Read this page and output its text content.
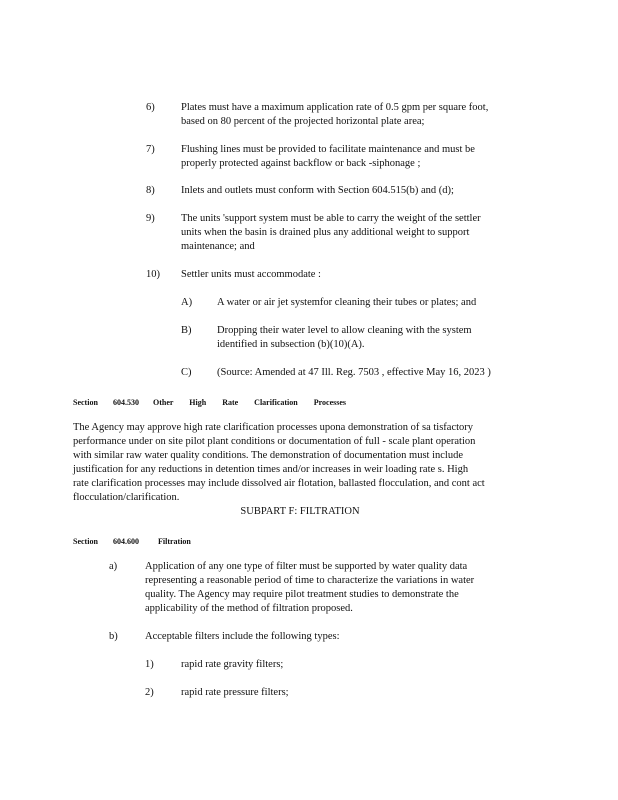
6)	Plates must have a maximum application rate of 0.5 gpm per square foot,
based on 80 percent of the projected horizontal plate area;
7)	Flushing lines must be provided to facilitate maintenance and must be
properly protected against backflow or back -siphonage ;
8)	Inlets and outlets must conform with Section 604.515(b) and (d);
9)	The units 'support system must be able to carry the weight of the settler
units when the basin is drained plus any additional weight to support
maintenance; and
10) Settler units must accommodate :
A) A water or air jet systemfor cleaning their tubes or plates; and
B) Dropping their water level to allow cleaning with the system
identified in subsection (b)(10)(A).
C) (Source: Amended at 47 Ill. Reg. 7503 , effective May 16, 2023 )
Section 604.530 Other High Rate Clarification Processes
The Agency may approve high rate clarification processes upona demonstration of sa tisfactory
performance under on site pilot plant conditions or documentation of full - scale plant operation
with similar raw water quality conditions. The demonstration of documentation must include
justification for any reductions in detention times and/or increases in weir loading rate s. High
rate clarification processes may include dissolved air flotation, ballasted flocculation, and cont act
flocculation/clarification.
SUBPART F: FILTRATION
Section 604.600 Filtration
a)	Application of any one type of filter must be supported by water quality data
representing a reasonable period of time to characterize the variations in water
quality. The Agency may require pilot treatment studies to demonstrate the
applicability of the method of filtration proposed.
b)	Acceptable filters include the following types:
1)	rapid rate gravity filters;
2)	rapid rate pressure filters;
